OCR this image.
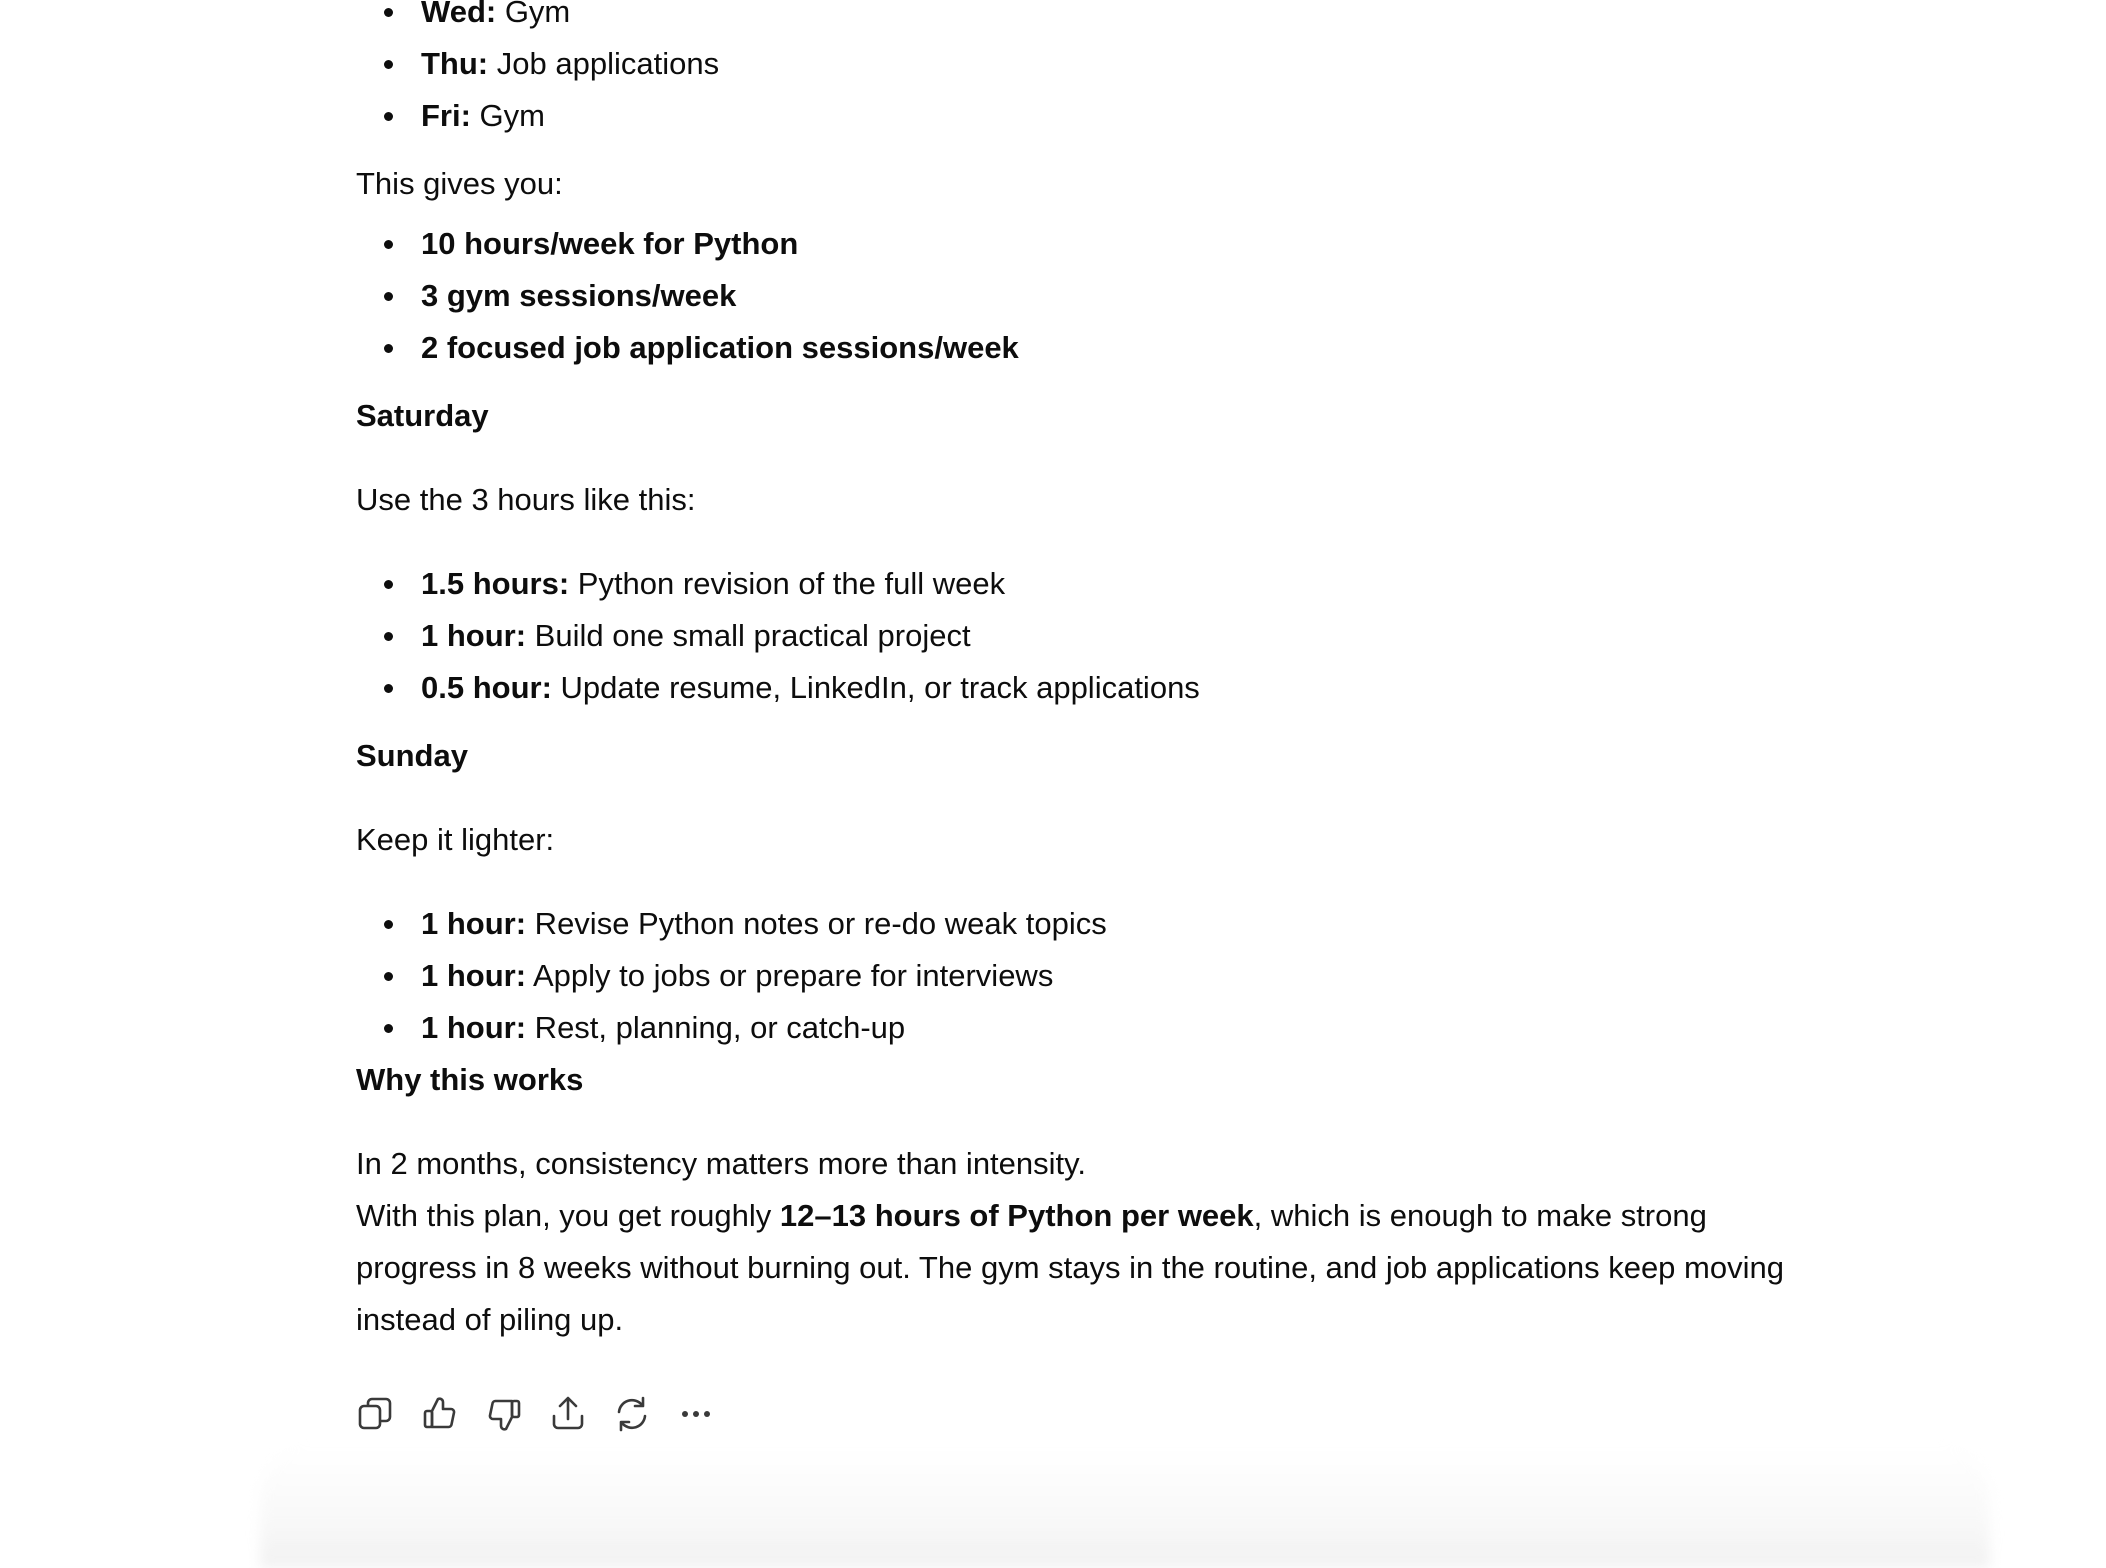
Wed: Gym
Thu: Job applications
Fri: Gym
This gives you:
10 hours/week for Python
3 gym sessions/week
2 focused job application sessions/week
Saturday
Use the 3 hours like this:
1.5 hours: Python revision of the full week
1 hour: Build one small practical project
0.5 hour: Update resume, LinkedIn, or track applications
Sunday
Keep it lighter:
1 hour: Revise Python notes or re-do weak topics
1 hour: Apply to jobs or prepare for interviews
1 hour: Rest, planning, or catch-up
Why this works
In 2 months, consistency matters more than intensity.
With this plan, you get roughly 12–13 hours of Python per week, which is enough to make strong
progress in 8 weeks without burning out. The gym stays in the routine, and job applications keep moving
instead of piling up.
